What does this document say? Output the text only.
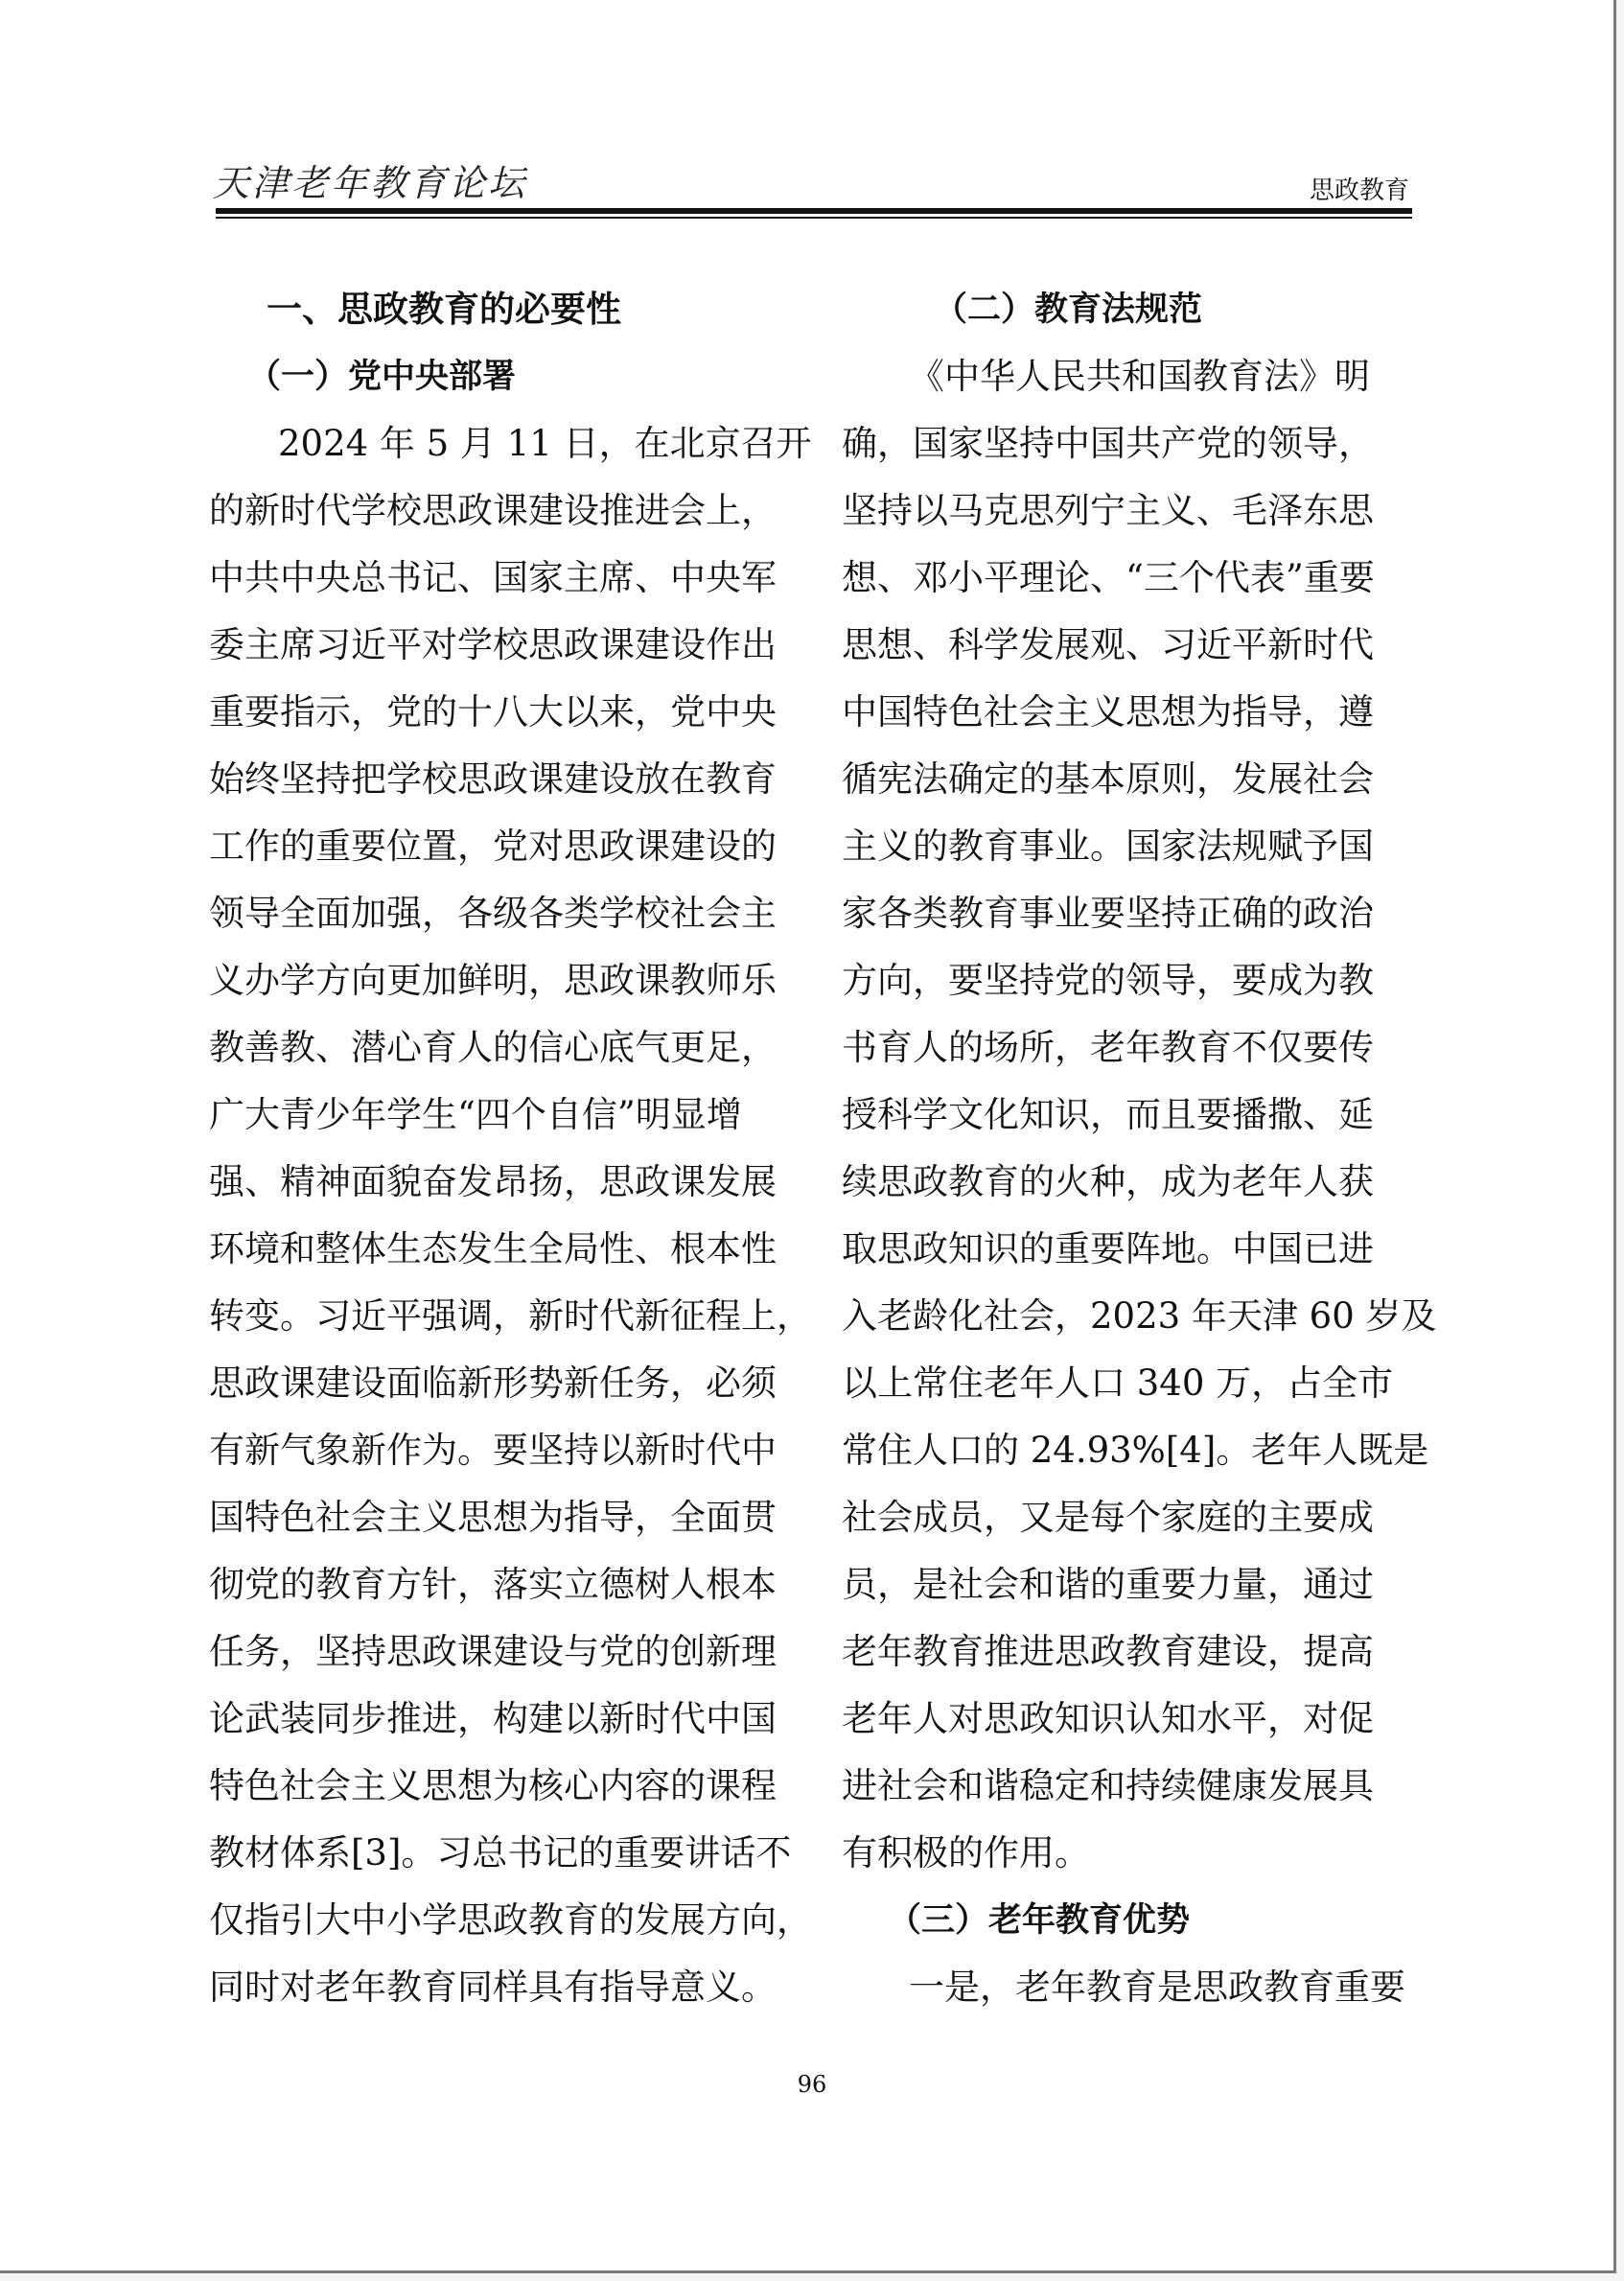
天津老年教育论坛	思政教育
一、思政教育的必要性
（一）党中央部署
2024 年 5 月 11 日，在北京召开
的新时代学校思政课建设推进会上，
中共中央总书记、国家主席、中央军
委主席习近平对学校思政课建设作出
重要指示，党的十八大以来，党中央
始终坚持把学校思政课建设放在教育
工作的重要位置，党对思政课建设的
领导全面加强，各级各类学校社会主
义办学方向更加鲜明，思政课教师乐
教善教、潜心育人的信心底气更足，
广大青少年学生“四个自信”明显增
强、精神面貌奋发昂扬，思政课发展
环境和整体生态发生全局性、根本性
转变。习近平强调，新时代新征程上，
思政课建设面临新形势新任务，必须
有新气象新作为。要坚持以新时代中
国特色社会主义思想为指导，全面贯
彻党的教育方针，落实立德树人根本
任务，坚持思政课建设与党的创新理
论武装同步推进，构建以新时代中国
特色社会主义思想为核心内容的课程
教材体系[3]。习总书记的重要讲话不
仅指引大中小学思政教育的发展方向，
同时对老年教育同样具有指导意义。
（二）教育法规范
《中华人民共和国教育法》明
确，国家坚持中国共产党的领导，
坚持以马克思列宁主义、毛泽东思
想、邓小平理论、“三个代表”重要
思想、科学发展观、习近平新时代
中国特色社会主义思想为指导，遵
循宪法确定的基本原则，发展社会
主义的教育事业。国家法规赋予国
家各类教育事业要坚持正确的政治
方向，要坚持党的领导，要成为教
书育人的场所，老年教育不仅要传
授科学文化知识，而且要播撒、延
续思政教育的火种，成为老年人获
取思政知识的重要阵地。中国已进
入老龄化社会，2023 年天津 60 岁及
以上常住老年人口 340 万，占全市
常住人口的 24.93%[4]。老年人既是
社会成员，又是每个家庭的主要成
员，是社会和谐的重要力量，通过
老年教育推进思政教育建设，提高
老年人对思政知识认知水平，对促
进社会和谐稳定和持续健康发展具
有积极的作用。
（三）老年教育优势
一是，老年教育是思政教育重要
96
